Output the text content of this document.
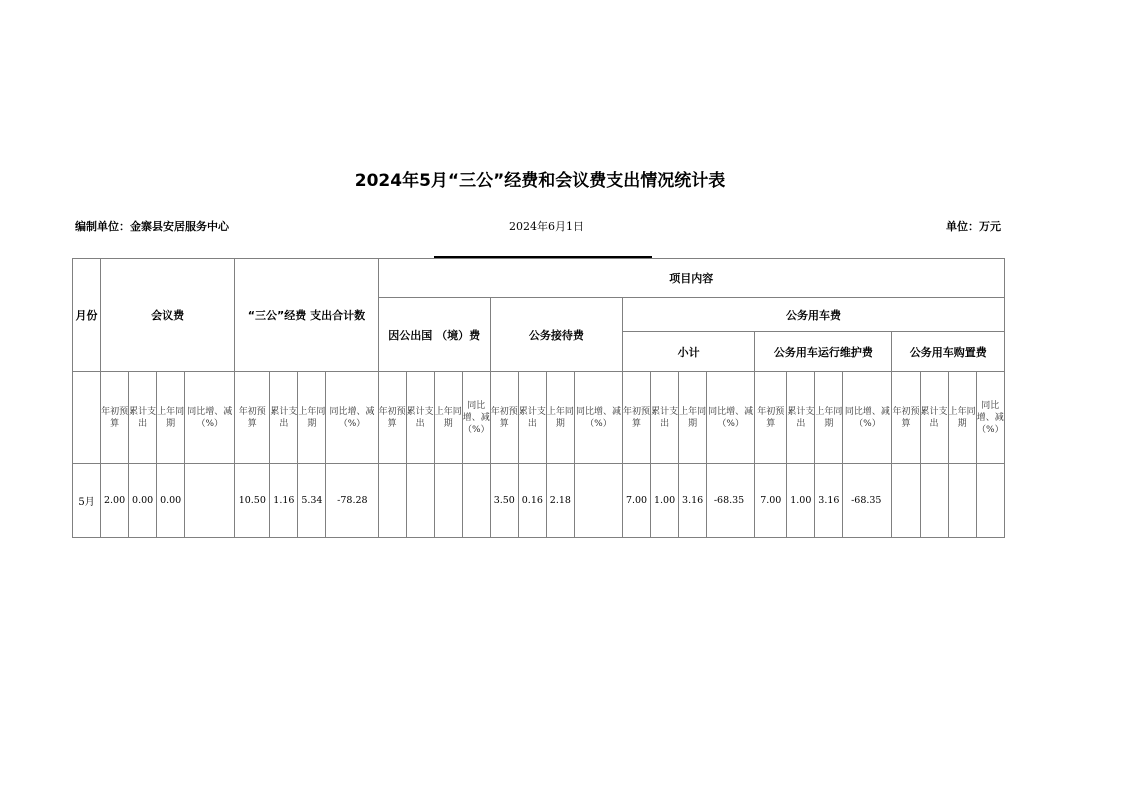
2024年5月“三公”经费和会议费支出情况统计表
编制单位：金寨县安居服务中心	2024年6月1日	单位：万元
月份	会议费				“三公”经费 支出合计数				项目内容																			
									因公出国 （境）费				公务接待费				公务用车费											
																	小计				公务用车运行维护费				公务用车购置费			
	年初预算	累计支出	上年同期	同比增、减（%）	年初预算	累计支出	上年同期	同比增、减（%）	年初预算	累计支出	上年同期	同比增、减（%）	年初预算	累计支出	上年同期	同比增、减（%）	年初预算	累计支出	上年同期	同比增、减（%）	年初预算	累计支出	上年同期	同比增、减（%）	年初预算	累计支出	上年同期	同比增、减（%）
5月	2.00	0.00	0.00		10.50	1.16	5.34	-78.28					3.50	0.16	2.18		7.00	1.00	3.16	-68.35	7.00	1.00	3.16	-68.35				
